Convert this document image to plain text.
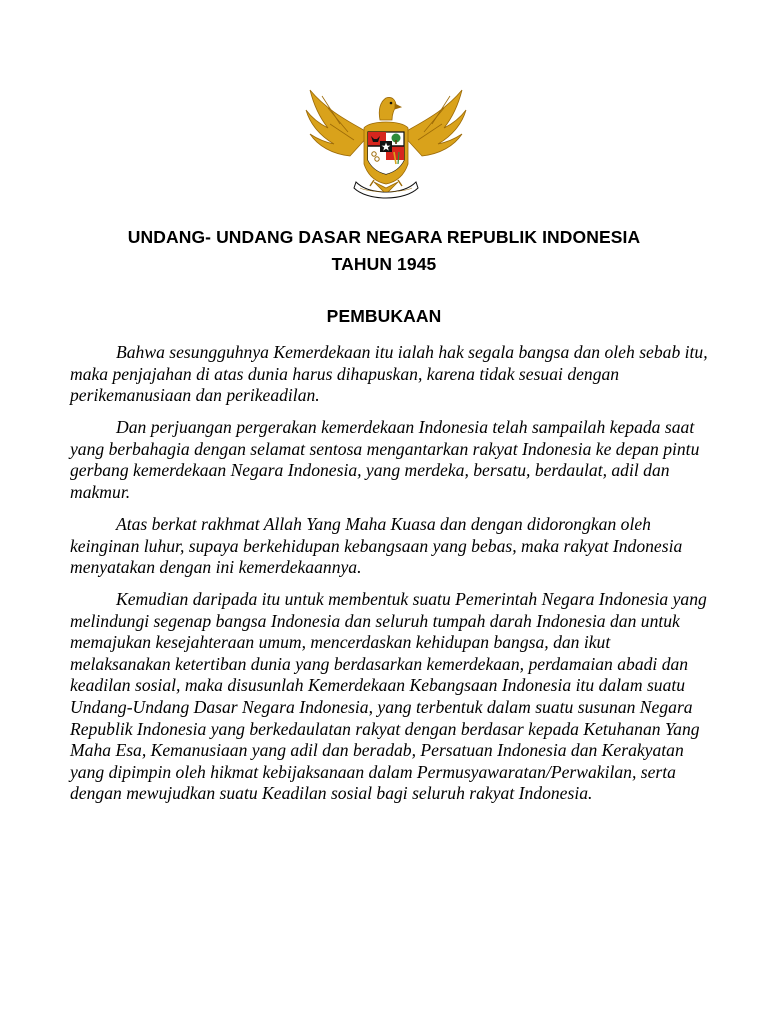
UNDANG- UNDANG DASAR NEGARA REPUBLIK INDONESIA
TAHUN 1945
PEMBUKAAN

Bahwa sesungguhnya Kemerdekaan itu ialah hak segala bangsa dan oleh sebab itu, maka penjajahan di atas dunia harus dihapuskan, karena tidak sesuai dengan perikemanusiaan dan perikeadilan.

Dan perjuangan pergerakan kemerdekaan Indonesia telah sampailah kepada saat yang berbahagia dengan selamat sentosa mengantarkan rakyat Indonesia ke depan pintu gerbang kemerdekaan Negara Indonesia, yang merdeka, bersatu, berdaulat, adil dan makmur.

Atas berkat rakhmat Allah Yang Maha Kuasa dan dengan didorongkan oleh keinginan luhur, supaya berkehidupan kebangsaan yang bebas, maka rakyat Indonesia menyatakan dengan ini kemerdekaannya.

Kemudian daripada itu untuk membentuk suatu Pemerintah Negara Indonesia yang melindungi segenap bangsa Indonesia dan seluruh tumpah darah Indonesia dan untuk memajukan kesejahteraan umum, mencerdaskan kehidupan bangsa, dan ikut melaksanakan ketertiban dunia yang berdasarkan kemerdekaan, perdamaian abadi dan keadilan sosial, maka disusunlah Kemerdekaan Kebangsaan Indonesia itu dalam suatu Undang-Undang Dasar Negara Indonesia, yang terbentuk dalam suatu susunan Negara Republik Indonesia yang berkedaulatan rakyat dengan berdasar kepada Ketuhanan Yang Maha Esa, Kemanusiaan yang adil dan beradab, Persatuan Indonesia dan Kerakyatan yang dipimpin oleh hikmat kebijaksanaan dalam Permusyawaratan/Perwakilan, serta dengan mewujudkan suatu Keadilan sosial bagi seluruh rakyat Indonesia.
